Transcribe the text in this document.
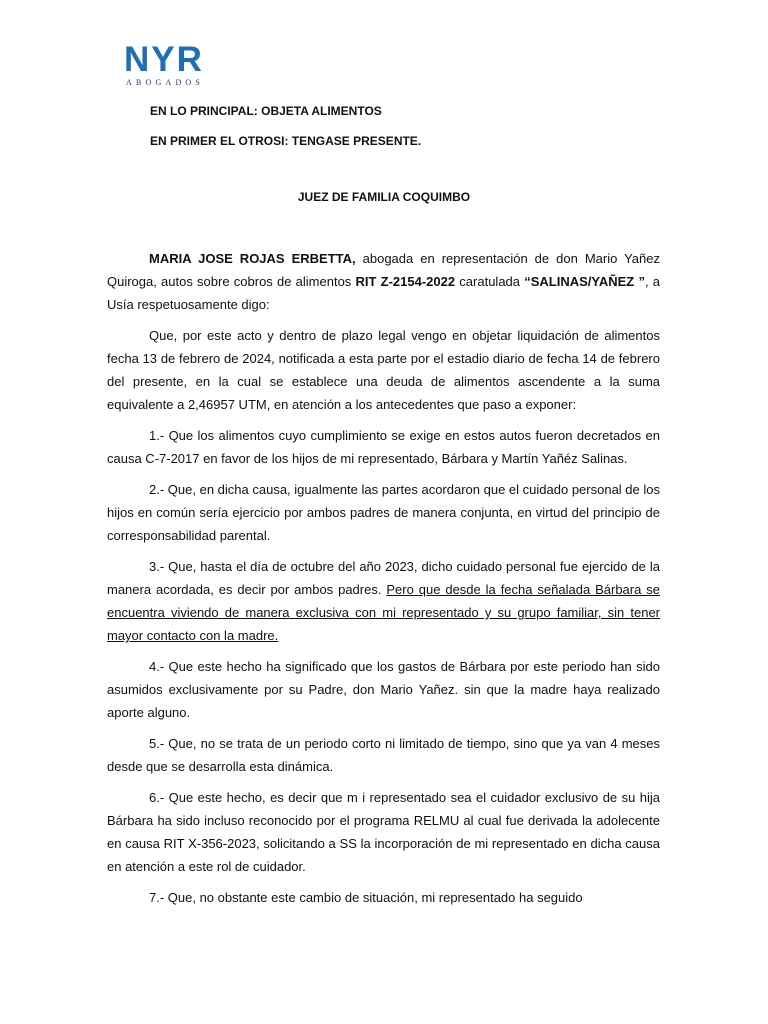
NYR
ABOGADOS
EN LO PRINCIPAL: OBJETA ALIMENTOS
EN PRIMER EL OTROSI: TENGASE PRESENTE.
JUEZ DE FAMILIA COQUIMBO

MARIA JOSE ROJAS ERBETTA, abogada en representación de don Mario Yañez Quiroga, autos sobre cobros de alimentos RIT Z-2154-2022 caratulada “SALINAS/YAÑEZ ”, a Usía respetuosamente digo:

Que, por este acto y dentro de plazo legal vengo en objetar liquidación de alimentos fecha 13 de febrero de 2024, notificada a esta parte por el estadio diario de fecha 14 de febrero del presente, en la cual se establece una deuda de alimentos ascendente a la suma equivalente a 2,46957 UTM, en atención a los antecedentes que paso a exponer:

1.- Que los alimentos cuyo cumplimiento se exige en estos autos fueron decretados en causa C-7-2017 en favor de los hijos de mi representado, Bárbara y Martín Yañéz Salinas.

2.- Que, en dicha causa, igualmente las partes acordaron que el cuidado personal de los hijos en común sería ejercicio por ambos padres de manera conjunta, en virtud del principio de corresponsabilidad parental.

3.- Que, hasta el día de octubre del año 2023, dicho cuidado personal fue ejercido de la manera acordada, es decir por ambos padres. Pero que desde la fecha señalada Bárbara se encuentra viviendo de manera exclusiva con mi representado y su grupo familiar, sin tener mayor contacto con la madre.

4.- Que este hecho ha significado que los gastos de Bárbara por este periodo han sido asumidos exclusivamente por su Padre, don Mario Yañez. sin que la madre haya realizado aporte alguno.

5.- Que, no se trata de un periodo corto ni limitado de tiempo, sino que ya van 4 meses desde que se desarrolla esta dinámica.

6.- Que este hecho, es decir que m i representado sea el cuidador exclusivo de su hija Bárbara ha sido incluso reconocido por el programa RELMU al cual fue derivada la adolecente en causa RIT X-356-2023, solicitando a SS la incorporación de mi representado en dicha causa en atención a este rol de cuidador.

7.- Que, no obstante este cambio de situación, mi representado ha seguido
